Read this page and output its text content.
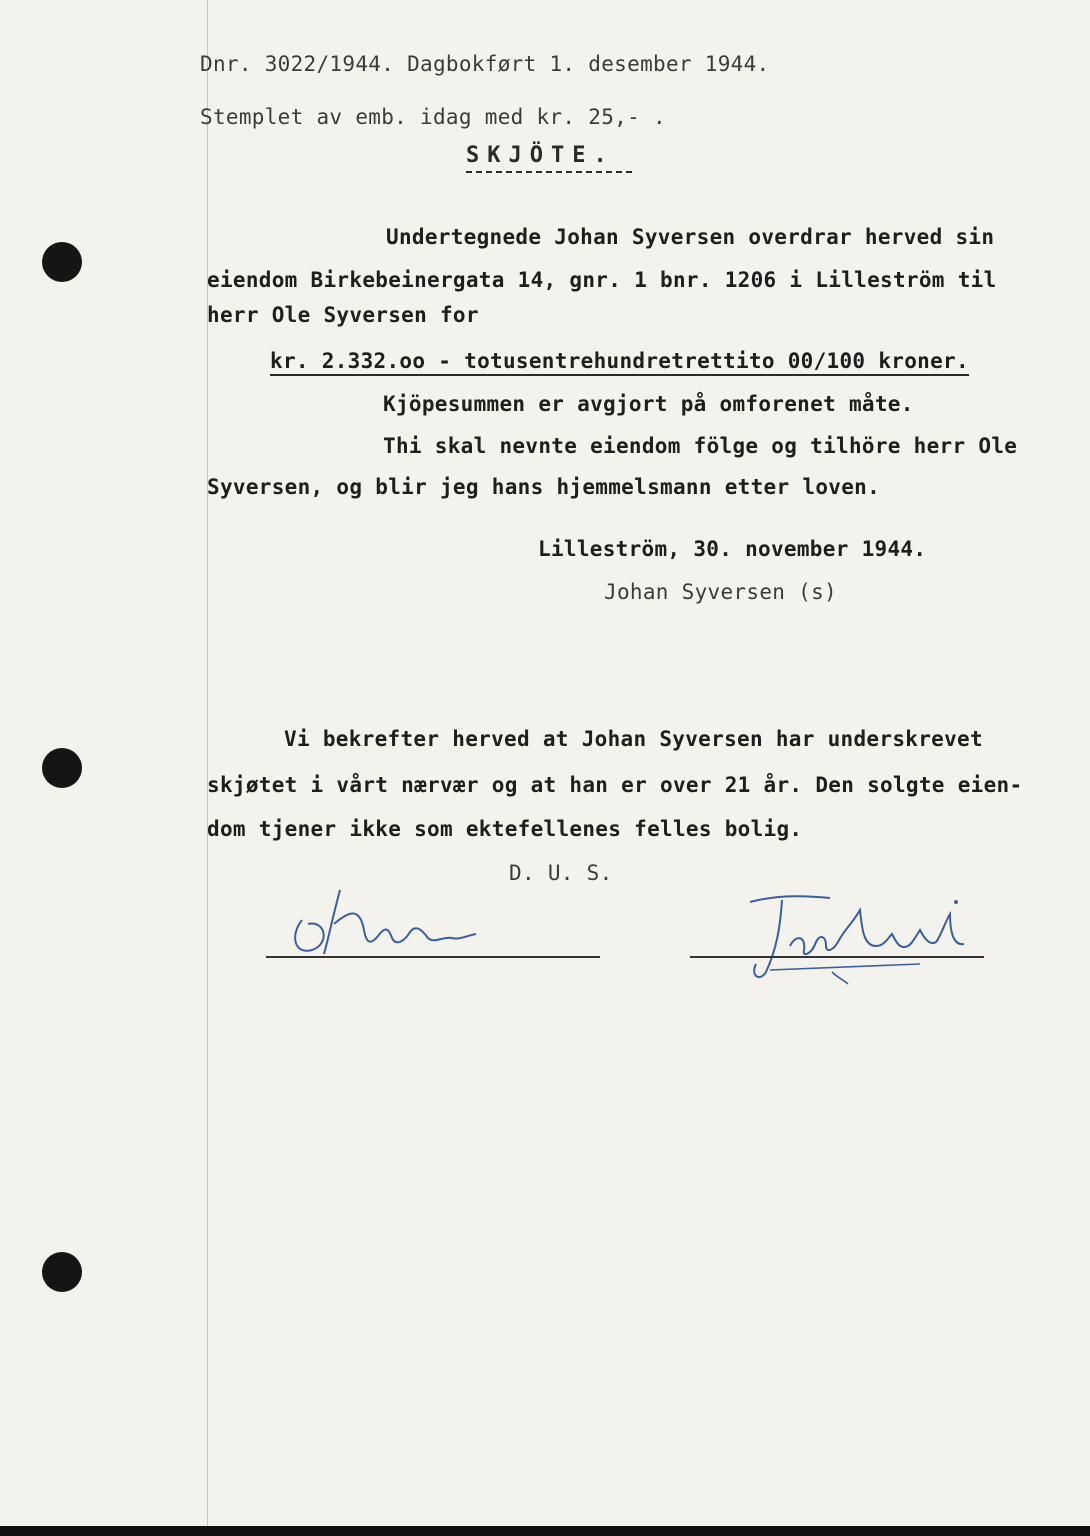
Dnr. 3022/1944. Dagbokført 1. desember 1944.
Stemplet av emb. idag med kr. 25,- .
SKJÖTE.
Undertegnede Johan Syversen overdrar herved sin
eiendom Birkebeinergata 14, gnr. 1 bnr. 1206 i Lilleström til
herr Ole Syversen for
kr. 2.332.oo - totusentrehundretrettito 00/100 kroner.
Kjöpesummen er avgjort på omforenet måte.
Thi skal nevnte eiendom fölge og tilhöre herr Ole
Syversen, og blir jeg hans hjemmelsmann etter loven.
Lilleström, 30. november 1944.
Johan Syversen (s)
Vi bekrefter herved at Johan Syversen har underskrevet
skjøtet i vårt nærvær og at han er over 21 år. Den solgte eien-
dom tjener ikke som ektefellenes felles bolig.
D. U. S.
